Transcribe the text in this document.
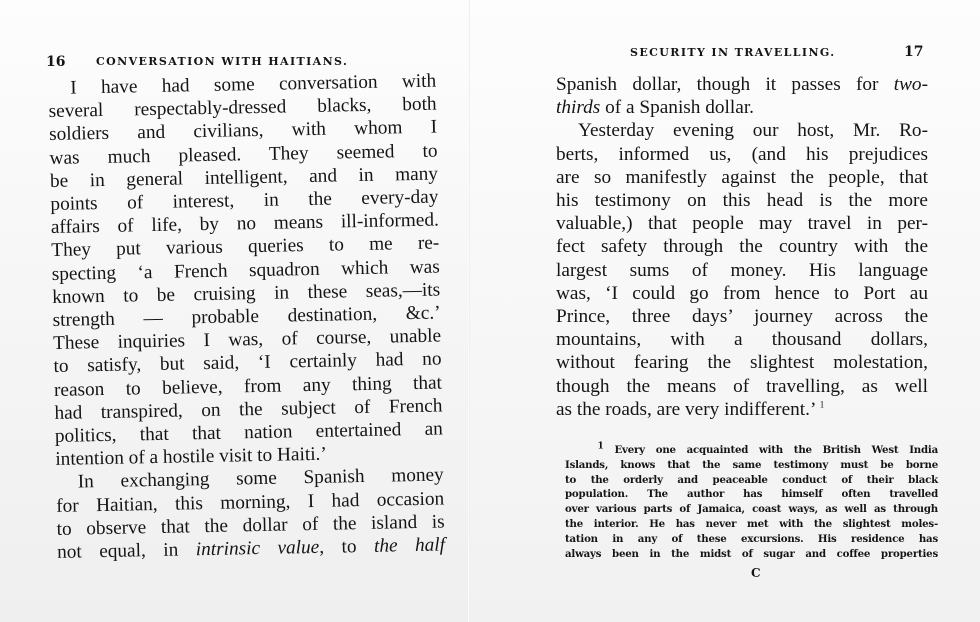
16	CONVERSATION WITH HAITIANS.
I have had some conversation with
several respectably-dressed blacks, both
soldiers and civilians, with whom I
was much pleased. They seemed to
be in general intelligent, and in many
points of interest, in the every-day
affairs of life, by no means ill-informed.
They put various queries to me re-
specting ‘a French squadron which was
known to be cruising in these seas,—its
strength — probable destination, &c.’
These inquiries I was, of course, unable
to satisfy, but said, ‘I certainly had no
reason to believe, from any thing that
had transpired, on the subject of French
politics, that that nation entertained an
intention of a hostile visit to Haiti.’
In exchanging some Spanish money
for Haitian, this morning, I had occasion
to observe that the dollar of the island is
not equal, in intrinsic value, to the half
SECURITY IN TRAVELLING.	17
Spanish dollar, though it passes for two-
thirds of a Spanish dollar.
Yesterday evening our host, Mr. Ro-
berts, informed us, (and his prejudices
are so manifestly against the people, that
his testimony on this head is the more
valuable,) that people may travel in per-
fect safety through the country with the
largest sums of money. His language
was, ‘I could go from hence to Port au
Prince, three days’ journey across the
mountains, with a thousand dollars,
without fearing the slightest molestation,
though the means of travelling, as well
as the roads, are very indifferent.’ $^1$
1 Every one acquainted with the British West India
Islands, knows that the same testimony must be borne
to the orderly and peaceable conduct of their black
population. The author has himself often travelled
over various parts of Jamaica, coast ways, as well as through
the interior. He has never met with the slightest moles-
tation in any of these excursions. His residence has
always been in the midst of sugar and coffee properties
C
